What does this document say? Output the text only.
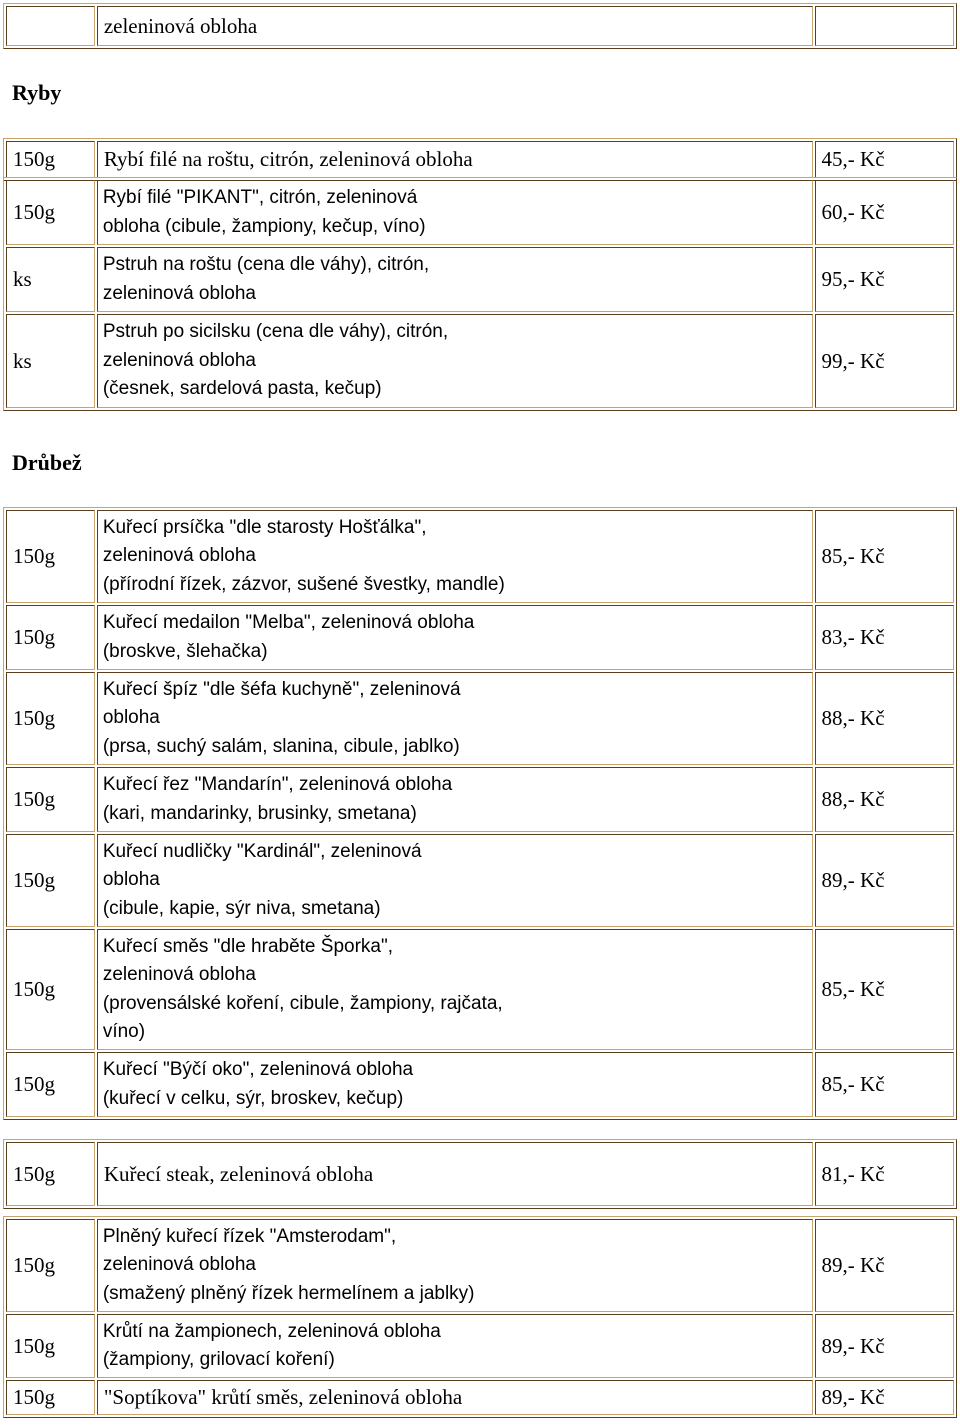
	zeleninová obloha	
Ryby
150g	Rybí filé na roštu, citrón, zeleninová obloha	45,- Kč
150g	Rybí filé "PIKANT", citrón, zeleninová
obloha (cibule, žampiony, kečup, víno)	60,- Kč
ks	Pstruh na roštu (cena dle váhy), citrón,
zeleninová obloha	95,- Kč
ks	Pstruh po sicilsku (cena dle váhy), citrón,
zeleninová obloha
(česnek, sardelová pasta, kečup)	99,- Kč
Drůbež
150g	Kuřecí prsíčka "dle starosty Hošťálka",
zeleninová obloha
(přírodní řízek, zázvor, sušené švestky, mandle)	85,- Kč
150g	Kuřecí medailon "Melba", zeleninová obloha
(broskve, šlehačka)	83,- Kč
150g	Kuřecí špíz "dle šéfa kuchyně", zeleninová
obloha
(prsa, suchý salám, slanina, cibule, jablko)	88,- Kč
150g	Kuřecí řez "Mandarín", zeleninová obloha
(kari, mandarinky, brusinky, smetana)	88,- Kč
150g	Kuřecí nudličky "Kardinál", zeleninová
obloha
(cibule, kapie, sýr niva, smetana)	89,- Kč
150g	Kuřecí směs "dle hraběte Šporka",
zeleninová obloha
(provensálské koření, cibule, žampiony, rajčata,
víno)	85,- Kč
150g	Kuřecí "Býčí oko", zeleninová obloha
(kuřecí v celku, sýr, broskev, kečup)	85,- Kč
150g	Kuřecí steak, zeleninová obloha	81,- Kč
150g	Plněný kuřecí řízek "Amsterodam",
zeleninová obloha
(smažený plněný řízek hermelínem a jablky)	89,- Kč
150g	Krůtí na žampionech, zeleninová obloha
(žampiony, grilovací koření)	89,- Kč
150g	"Soptíkova" krůtí směs, zeleninová obloha	89,- Kč
